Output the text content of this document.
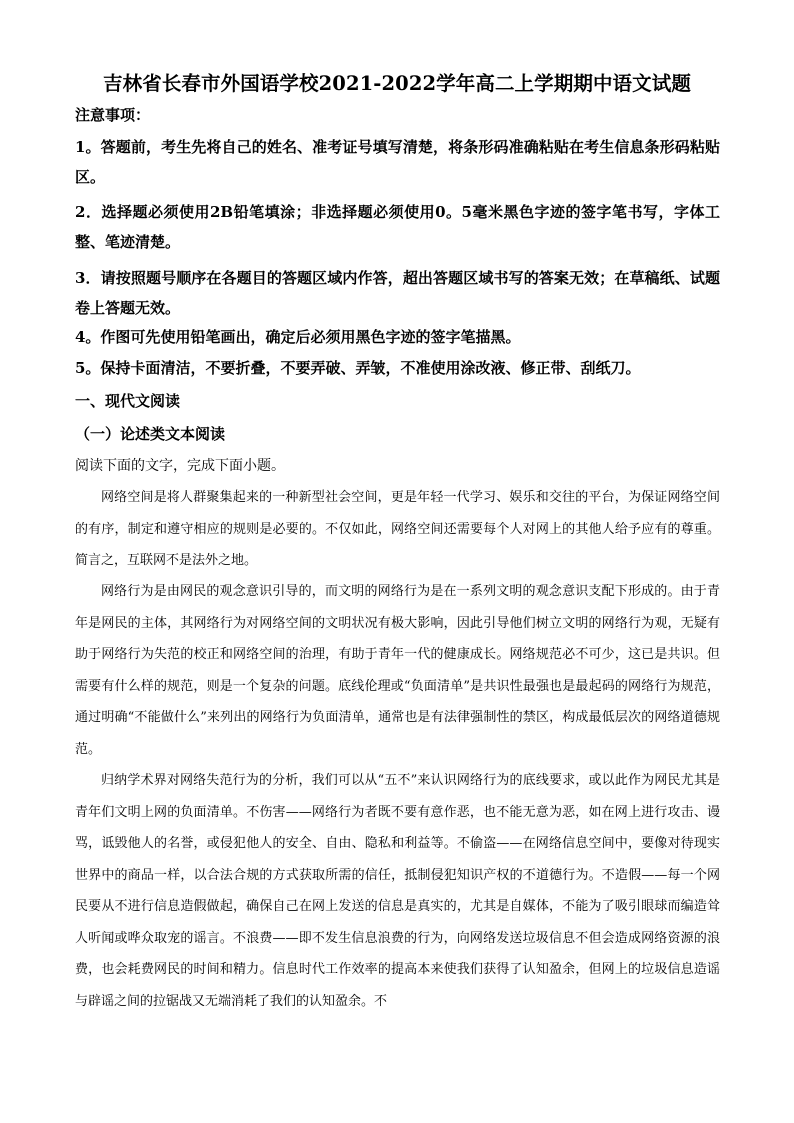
吉林省长春市外国语学校2021-2022学年高二上学期期中语文试题
注意事项：
1。答题前，考生先将自己的姓名、准考证号填写清楚，将条形码准确粘贴在考生信息条形码粘贴区。
2．选择题必须使用2B铅笔填涂；非选择题必须使用0。5毫米黑色字迹的签字笔书写，字体工整、笔迹清楚。
3．请按照题号顺序在各题目的答题区域内作答，超出答题区域书写的答案无效；在草稿纸、试题卷上答题无效。
4。作图可先使用铅笔画出，确定后必须用黑色字迹的签字笔描黑。
5。保持卡面清洁，不要折叠，不要弄破、弄皱，不准使用涂改液、修正带、刮纸刀。
一、现代文阅读
（一）论述类文本阅读
阅读下面的文字，完成下面小题。
网络空间是将人群聚集起来的一种新型社会空间，更是年轻一代学习、娱乐和交往的平台，为保证网络空间的有序，制定和遵守相应的规则是必要的。不仅如此，网络空间还需要每个人对网上的其他人给予应有的尊重。简言之，互联网不是法外之地。
网络行为是由网民的观念意识引导的，而文明的网络行为是在一系列文明的观念意识支配下形成的。由于青年是网民的主体，其网络行为对网络空间的文明状况有极大影响，因此引导他们树立文明的网络行为观，无疑有助于网络行为失范的校正和网络空间的治理，有助于青年一代的健康成长。网络规范必不可少，这已是共识。但需要有什么样的规范，则是一个复杂的问题。底线伦理或“负面清单”是共识性最强也是最起码的网络行为规范，通过明确“不能做什么”来列出的网络行为负面清单，通常也是有法律强制性的禁区，构成最低层次的网络道德规范。
归纳学术界对网络失范行为的分析，我们可以从“五不”来认识网络行为的底线要求，或以此作为网民尤其是青年们文明上网的负面清单。不伤害——网络行为者既不要有意作恶，也不能无意为恶，如在网上进行攻击、谩骂，诋毁他人的名誉，或侵犯他人的安全、自由、隐私和利益等。不偷盗——在网络信息空间中，要像对待现实世界中的商品一样，以合法合规的方式获取所需的信任，抵制侵犯知识产权的不道德行为。不造假——每一个网民要从不进行信息造假做起，确保自己在网上发送的信息是真实的，尤其是自媒体，不能为了吸引眼球而编造耸人听闻或哗众取宠的谣言。不浪费——即不发生信息浪费的行为，向网络发送垃圾信息不但会造成网络资源的浪费，也会耗费网民的时间和精力。信息时代工作效率的提高本来使我们获得了认知盈余，但网上的垃圾信息造谣与辟谣之间的拉锯战又无端消耗了我们的认知盈余。不
